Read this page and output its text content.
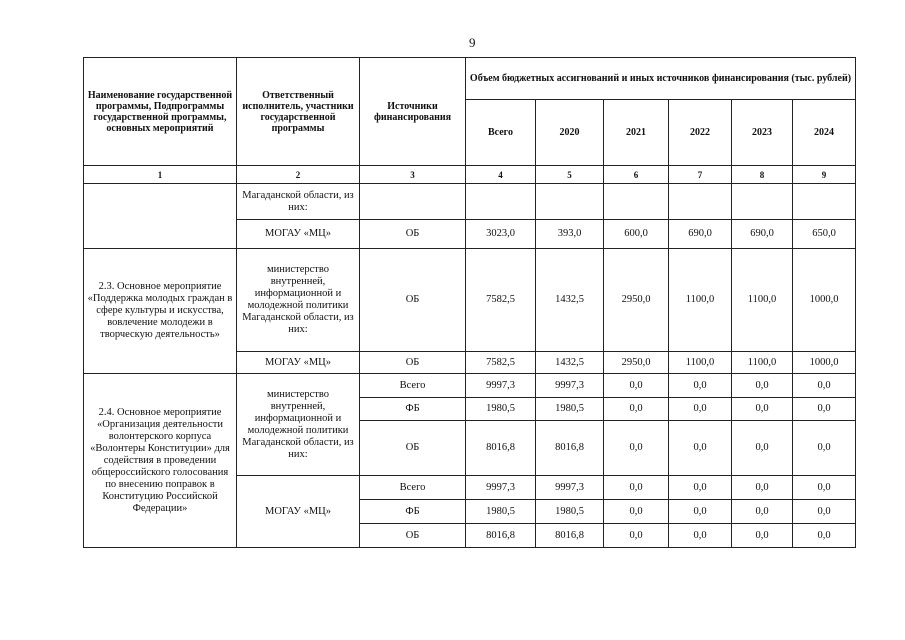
9
Наименование государственной программы, Подпрограммы государственной программы, основных мероприятий	Ответственный исполнитель, участники государственной программы	Источники финансирования	Объем бюджетных ассигнований и иных источников финансирования (тыс. рублей)					
			Всего	2020	2021	2022	2023	2024
1	2	3	4	5	6	7	8	9
	Магаданской области, из них:							
	МОГАУ «МЦ»	ОБ	3023,0	393,0	600,0	690,0	690,0	650,0
2.3. Основное мероприятие «Поддержка молодых граждан в сфере культуры и искусства, вовлечение молодежи в творческую деятельность»	министерство внутренней, информационной и молодежной политики Магаданской области, из них:	ОБ	7582,5	1432,5	2950,0	1100,0	1100,0	1000,0
	МОГАУ «МЦ»	ОБ	7582,5	1432,5	2950,0	1100,0	1100,0	1000,0
2.4. Основное мероприятие «Организация деятельности волонтерского корпуса «Волонтеры Конституции» для содействия в проведении общероссийского голосования по внесению поправок в Конституцию Российской Федерации»	министерство внутренней, информационной и молодежной политики Магаданской области, из них:	Всего	9997,3	9997,3	0,0	0,0	0,0	0,0
		ФБ	1980,5	1980,5	0,0	0,0	0,0	0,0
		ОБ	8016,8	8016,8	0,0	0,0	0,0	0,0
	МОГАУ «МЦ»	Всего	9997,3	9997,3	0,0	0,0	0,0	0,0
		ФБ	1980,5	1980,5	0,0	0,0	0,0	0,0
		ОБ	8016,8	8016,8	0,0	0,0	0,0	0,0
